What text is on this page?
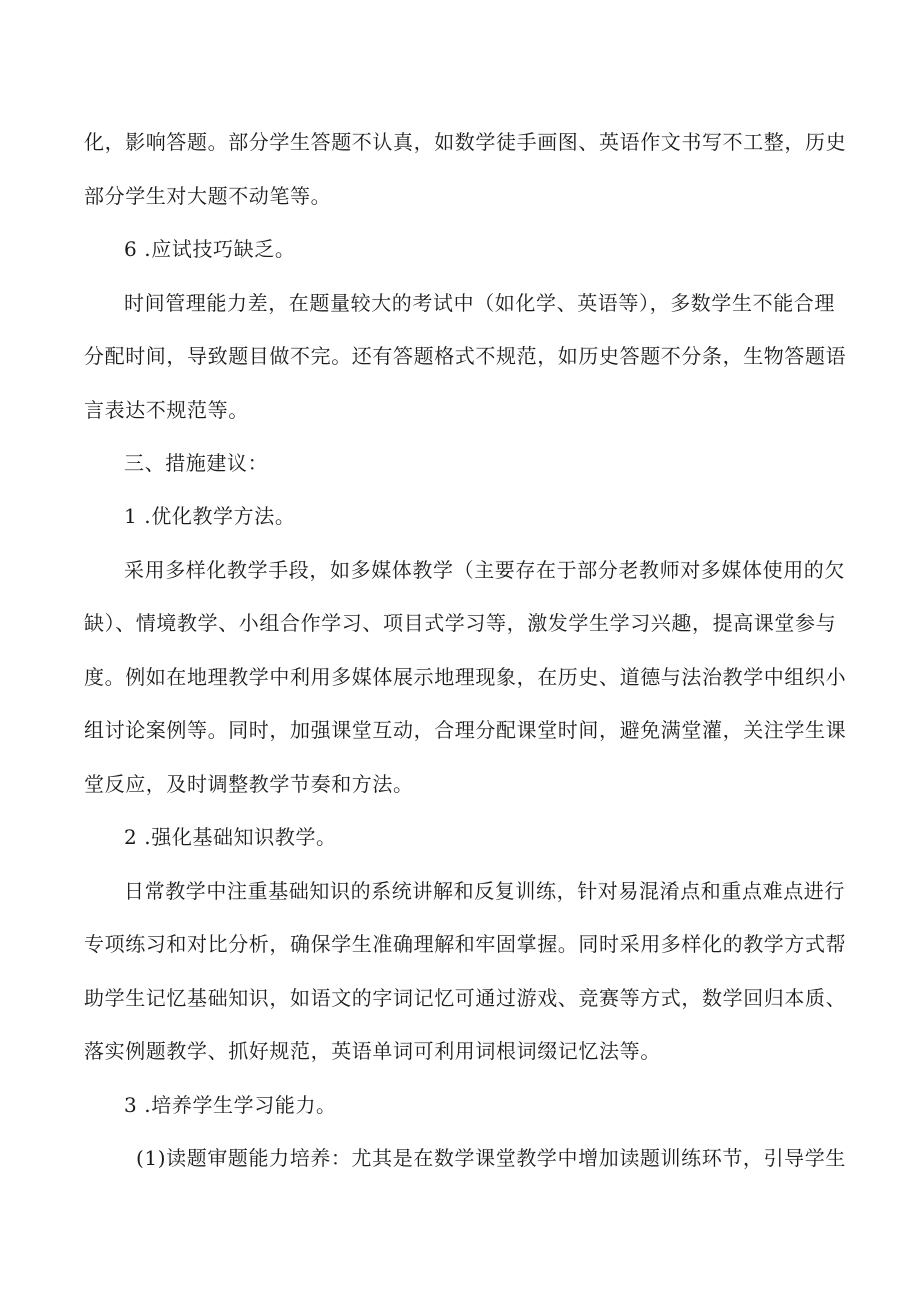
化，影响答题。部分学生答题不认真，如数学徒手画图、英语作文书写不工整，历史
部分学生对大题不动笔等。
6 .应试技巧缺乏。
时间管理能力差，在题量较大的考试中（如化学、英语等），多数学生不能合理
分配时间，导致题目做不完。还有答题格式不规范，如历史答题不分条，生物答题语
言表达不规范等。
三、措施建议：
1 .优化教学方法。
采用多样化教学手段，如多媒体教学（主要存在于部分老教师对多媒体使用的欠
缺）、情境教学、小组合作学习、项目式学习等，激发学生学习兴趣，提高课堂参与
度。例如在地理教学中利用多媒体展示地理现象，在历史、道德与法治教学中组织小
组讨论案例等。同时，加强课堂互动，合理分配课堂时间，避免满堂灌，关注学生课
堂反应，及时调整教学节奏和方法。
2 .强化基础知识教学。
日常教学中注重基础知识的系统讲解和反复训练，针对易混淆点和重点难点进行
专项练习和对比分析，确保学生准确理解和牢固掌握。同时采用多样化的教学方式帮
助学生记忆基础知识，如语文的字词记忆可通过游戏、竞赛等方式，数学回归本质、
落实例题教学、抓好规范，英语单词可利用词根词缀记忆法等。
3 .培养学生学习能力。
(1)读题审题能力培养：尤其是在数学课堂教学中增加读题训练环节，引导学生
